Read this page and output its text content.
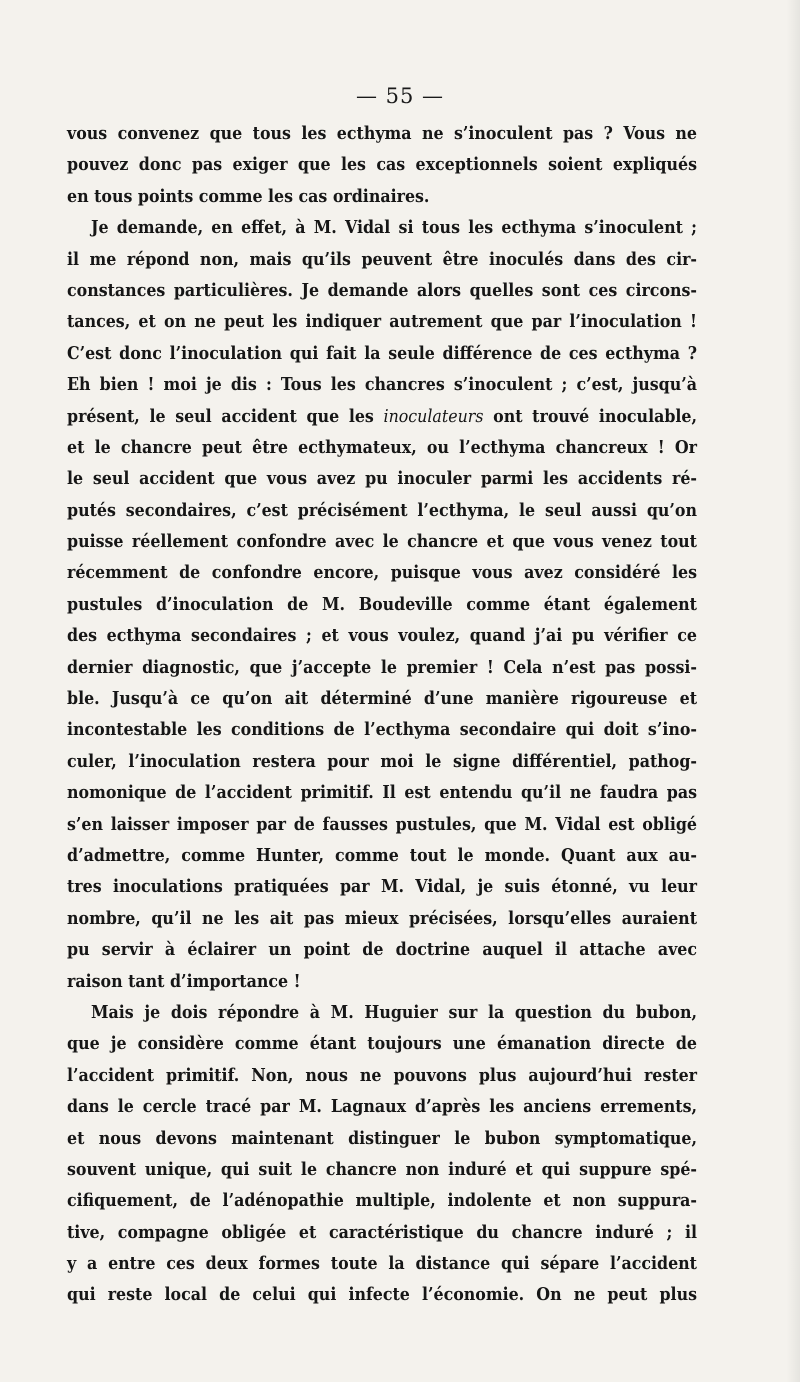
— 55 —
vous convenez que tous les ecthyma ne s’inoculent pas ? Vous ne
pouvez donc pas exiger que les cas exceptionnels soient expliqués
en tous points comme les cas ordinaires.
Je demande, en effet, à M. Vidal si tous les ecthyma s’inoculent ;
il me répond non, mais qu’ils peuvent être inoculés dans des cir-
constances particulières. Je demande alors quelles sont ces circons-
tances, et on ne peut les indiquer autrement que par l’inoculation !
C’est donc l’inoculation qui fait la seule différence de ces ecthyma ?
Eh bien ! moi je dis : Tous les chancres s’inoculent ; c’est, jusqu’à
présent, le seul accident que les inoculateurs ont trouvé inoculable,
et le chancre peut être ecthymateux, ou l’ecthyma chancreux ! Or
le seul accident que vous avez pu inoculer parmi les accidents ré-
putés secondaires, c’est précisément l’ecthyma, le seul aussi qu’on
puisse réellement confondre avec le chancre et que vous venez tout
récemment de confondre encore, puisque vous avez considéré les
pustules d’inoculation de M. Boudeville comme étant également
des ecthyma secondaires ; et vous voulez, quand j’ai pu vérifier ce
dernier diagnostic, que j’accepte le premier ! Cela n’est pas possi-
ble. Jusqu’à ce qu’on ait déterminé d’une manière rigoureuse et
incontestable les conditions de l’ecthyma secondaire qui doit s’ino-
culer, l’inoculation restera pour moi le signe différentiel, pathog-
nomonique de l’accident primitif. Il est entendu qu’il ne faudra pas
s’en laisser imposer par de fausses pustules, que M. Vidal est obligé
d’admettre, comme Hunter, comme tout le monde. Quant aux au-
tres inoculations pratiquées par M. Vidal, je suis étonné, vu leur
nombre, qu’il ne les ait pas mieux précisées, lorsqu’elles auraient
pu servir à éclairer un point de doctrine auquel il attache avec
raison tant d’importance !
Mais je dois répondre à M. Huguier sur la question du bubon,
que je considère comme étant toujours une émanation directe de
l’accident primitif. Non, nous ne pouvons plus aujourd’hui rester
dans le cercle tracé par M. Lagnaux d’après les anciens errements,
et nous devons maintenant distinguer le bubon symptomatique,
souvent unique, qui suit le chancre non induré et qui suppure spé-
cifiquement, de l’adénopathie multiple, indolente et non suppura-
tive, compagne obligée et caractéristique du chancre induré ; il
y a entre ces deux formes toute la distance qui sépare l’accident
qui reste local de celui qui infecte l’économie. On ne peut plus
